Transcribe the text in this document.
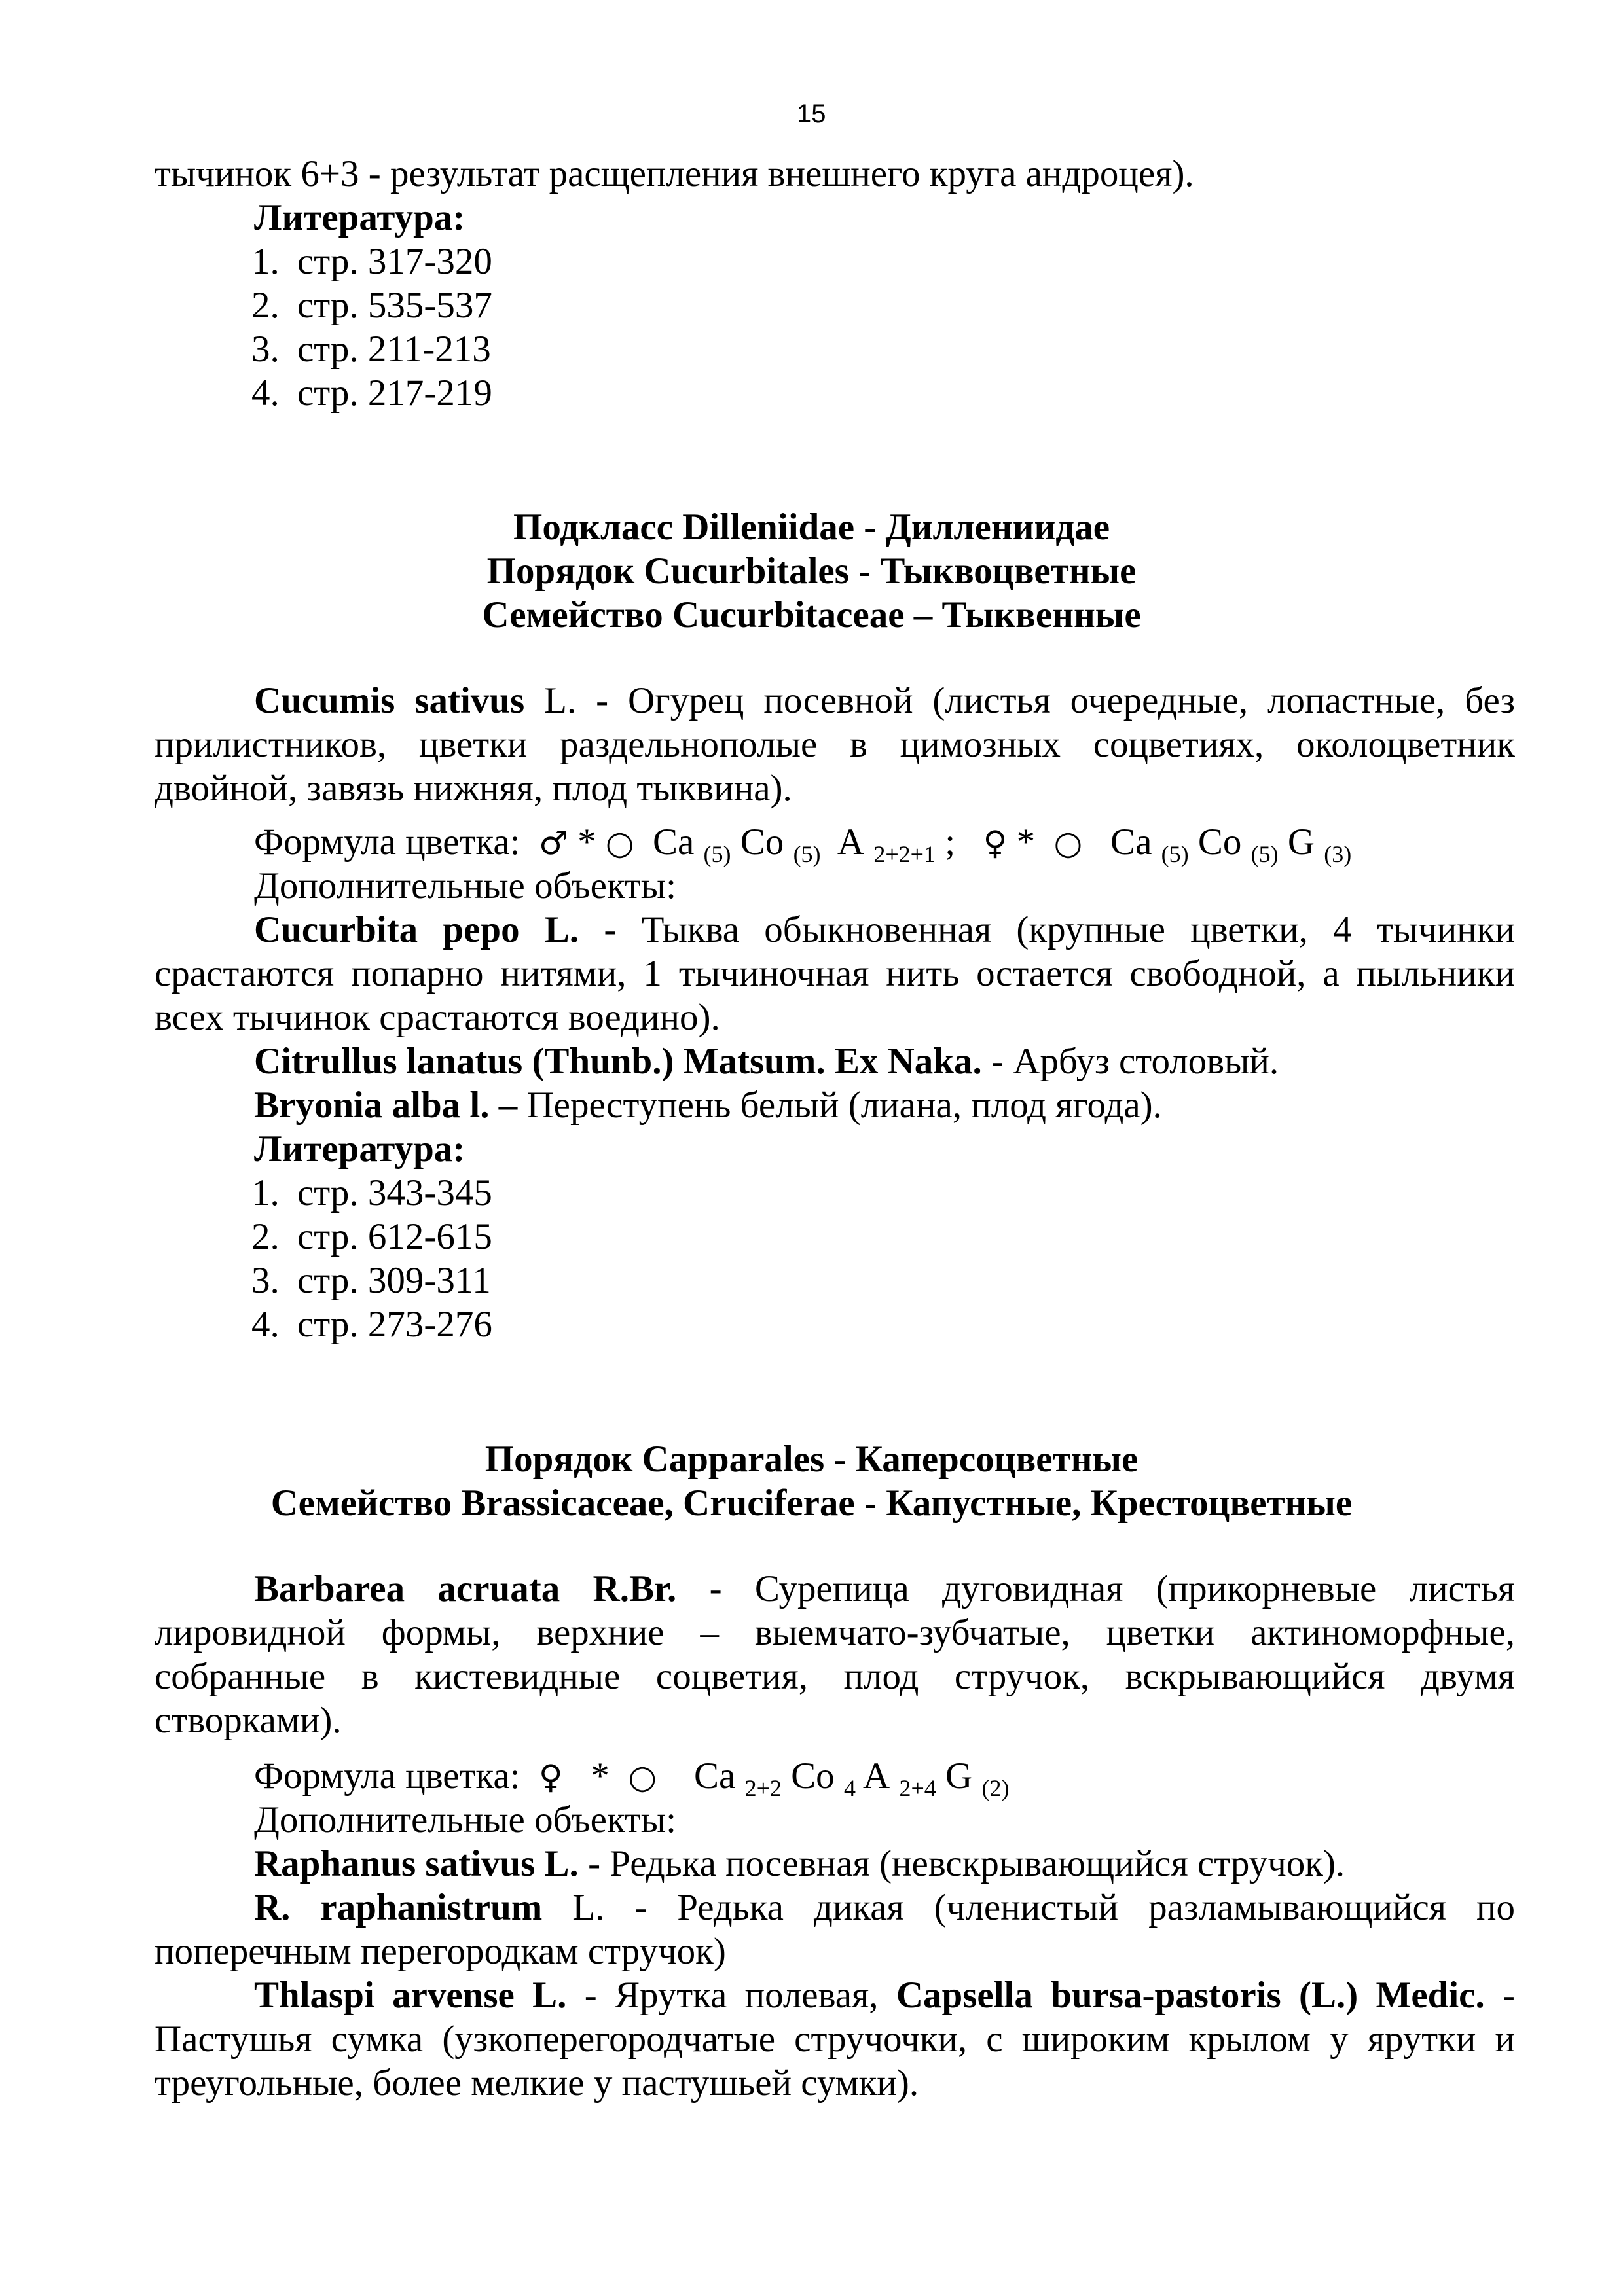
15
тычинок 6+3 - результат расщепления внешнего круга андроцея).
Литература:
1. стр. 317-320
2. стр. 535-537
3. стр. 211-213
4. стр. 217-219
Подкласс Dilleniidae - Диллениидаe
Порядок Cucurbitales - Тыквоцветные
Семейство Cucurbitaceae – Тыквенные
Cucumis sativus L. - Огурец посевной (листья очередные, лопастные, без прилистников, цветки раздельнополые в цимозных соцветиях, околоцветник двойной, завязь нижняя, плод тыквина).
Формула цветка: ♂ * ○ Ca $_{(5)}$ Co $_{(5)}$ A $_{2+2+1}$ ; ♀ * ○ Ca $_{(5)}$ Co $_{(5)}$ G $_{(3)}$
Дополнительные объекты:
Cucurbita pepo L. - Тыква обыкновенная (крупные цветки, 4 тычинки срастаются попарно нитями, 1 тычиночная нить остается свободной, а пыльники всех тычинок срастаются воедино).
Citrullus lanatus (Thunb.) Matsum. Ex Naka. - Арбуз столовый.
Bryonia alba l. – Переступень белый (лиана, плод ягода).
Литература:
1. стр. 343-345
2. стр. 612-615
3. стр. 309-311
4. стр. 273-276
Порядок Capparales - Каперсоцветные
Семейство Brassicaceae, Cruciferae - Капустные, Крестоцветные
Barbarea acruata R.Br. - Сурепица дуговидная (прикорневые листья лировидной формы, верхние – выемчато-зубчатые, цветки актиноморфные, собранные в кистевидные соцветия, плод стручок, вскрывающийся двумя створками).
Формула цветка: ♀ * ○ Ca $_{2+2}$ Co $_4$ A $_{2+4}$ G $_{(2)}$
Дополнительные объекты:
Raphanus sativus L. - Редька посевная (невскрывающийся стручок).
R. raphanistrum L. - Редька дикая (членистый разламывающийся по поперечным перегородкам стручок)
Thlaspi arvense L. - Ярутка полевая, Capsella bursa-pastoris (L.) Medic. - Пастушья сумка (узкоперегородчатые стручочки, с широким крылом у ярутки и треугольные, более мелкие у пастушьей сумки).
